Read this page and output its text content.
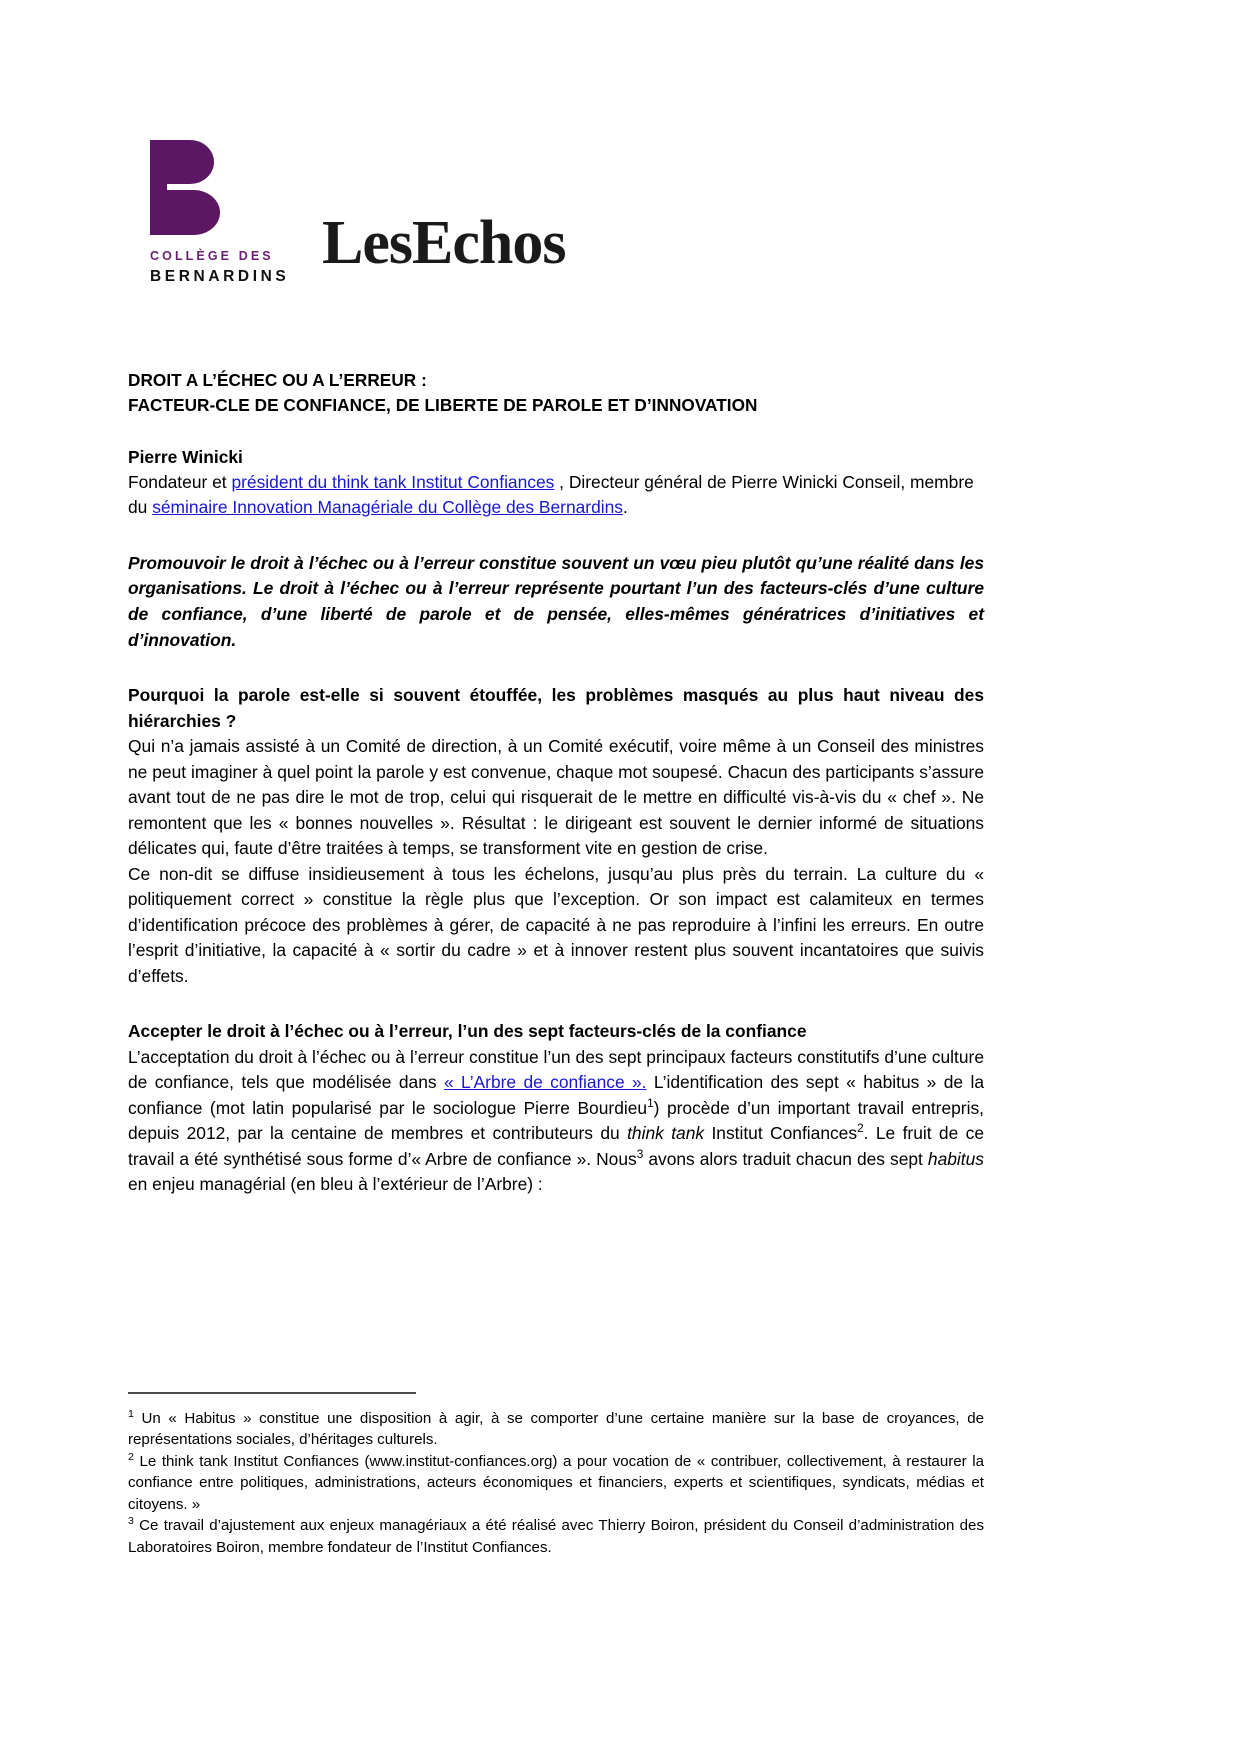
COLLÈGE DES
BERNARDINS LesEchos
DROIT A L’ÉCHEC OU A L’ERREUR :
FACTEUR-CLE DE CONFIANCE, DE LIBERTE DE PAROLE ET D’INNOVATION
Pierre Winicki
Fondateur et président du think tank Institut Confiances , Directeur général de Pierre Winicki Conseil, membre du séminaire Innovation Managériale du Collège des Bernardins.
Promouvoir le droit à l’échec ou à l’erreur constitue souvent un vœu pieu plutôt qu’une réalité dans les organisations. Le droit à l’échec ou à l’erreur représente pourtant l’un des facteurs-clés d’une culture de confiance, d’une liberté de parole et de pensée, elles-mêmes génératrices d’initiatives et d’innovation.
Pourquoi la parole est-elle si souvent étouffée, les problèmes masqués au plus haut niveau des hiérarchies ?
Qui n’a jamais assisté à un Comité de direction, à un Comité exécutif, voire même à un Conseil des ministres ne peut imaginer à quel point la parole y est convenue, chaque mot soupesé. Chacun des participants s’assure avant tout de ne pas dire le mot de trop, celui qui risquerait de le mettre en difficulté vis-à-vis du « chef ». Ne remontent que les « bonnes nouvelles ». Résultat : le dirigeant est souvent le dernier informé de situations délicates qui, faute d’être traitées à temps, se transforment vite en gestion de crise.
Ce non-dit se diffuse insidieusement à tous les échelons, jusqu’au plus près du terrain. La culture du « politiquement correct » constitue la règle plus que l’exception. Or son impact est calamiteux en termes d’identification précoce des problèmes à gérer, de capacité à ne pas reproduire à l’infini les erreurs. En outre l’esprit d’initiative, la capacité à « sortir du cadre » et à innover restent plus souvent incantatoires que suivis d’effets.
Accepter le droit à l’échec ou à l’erreur, l’un des sept facteurs-clés de la confiance
L’acceptation du droit à l’échec ou à l’erreur constitue l’un des sept principaux facteurs constitutifs d’une culture de confiance, tels que modélisée dans « L’Arbre de confiance ». L’identification des sept « habitus » de la confiance (mot latin popularisé par le sociologue Pierre Bourdieu$^1$) procède d’un important travail entrepris, depuis 2012, par la centaine de membres et contributeurs du think tank Institut Confiances$^2$. Le fruit de ce travail a été synthétisé sous forme d’« Arbre de confiance ». Nous$^3$ avons alors traduit chacun des sept habitus en enjeu managérial (en bleu à l’extérieur de l’Arbre) :
$^1$ Un « Habitus » constitue une disposition à agir, à se comporter d’une certaine manière sur la base de croyances, de représentations sociales, d’héritages culturels.
$^2$ Le think tank Institut Confiances (www.institut-confiances.org) a pour vocation de « contribuer, collectivement, à restaurer la confiance entre politiques, administrations, acteurs économiques et financiers, experts et scientifiques, syndicats, médias et citoyens. »
$^3$ Ce travail d’ajustement aux enjeux managériaux a été réalisé avec Thierry Boiron, président du Conseil d’administration des Laboratoires Boiron, membre fondateur de l’Institut Confiances.
